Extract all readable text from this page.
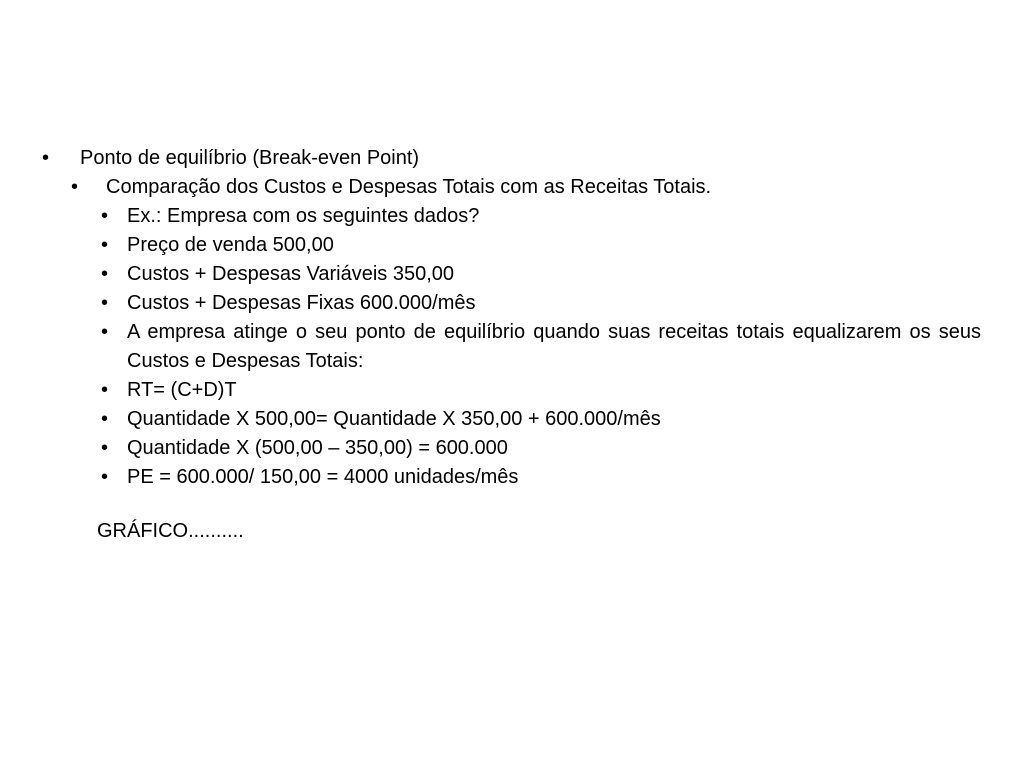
• Ponto de equilíbrio (Break-even Point)
• Comparação dos Custos e Despesas Totais com as Receitas Totais.
• Ex.: Empresa com os seguintes dados?
• Preço de venda 500,00
• Custos + Despesas Variáveis 350,00
• Custos + Despesas Fixas 600.000/mês
• A empresa atinge o seu ponto de equilíbrio quando suas receitas totais equalizarem os seus Custos e Despesas Totais:
• RT= (C+D)T
• Quantidade X 500,00= Quantidade X 350,00 + 600.000/mês
• Quantidade X (500,00 – 350,00) = 600.000
• PE = 600.000/ 150,00 = 4000 unidades/mês
GRÁFICO..........
